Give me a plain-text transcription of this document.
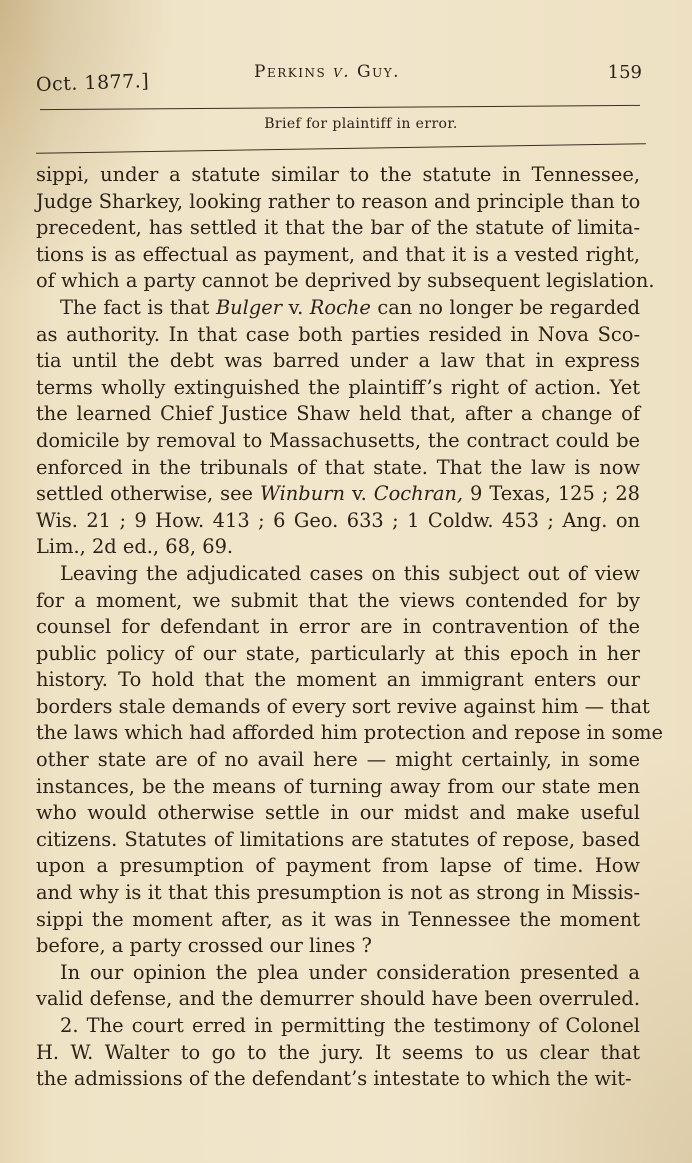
Oct. 1877.]	Perkins v. Guy.	159
Brief for plaintiff in error.
sippi, under a statute similar to the statute in Tennessee,
Judge Sharkey, looking rather to reason and principle than to
precedent, has settled it that the bar of the statute of limita-
tions is as effectual as payment, and that it is a vested right,
of which a party cannot be deprived by subsequent legislation.
The fact is that Bulger v. Roche can no longer be regarded
as authority. In that case both parties resided in Nova Sco-
tia until the debt was barred under a law that in express
terms wholly extinguished the plaintiff’s right of action. Yet
the learned Chief Justice Shaw held that, after a change of
domicile by removal to Massachusetts, the contract could be
enforced in the tribunals of that state. That the law is now
settled otherwise, see Winburn v. Cochran, 9 Texas, 125 ; 28
Wis. 21 ; 9 How. 413 ; 6 Geo. 633 ; 1 Coldw. 453 ; Ang. on
Lim., 2d ed., 68, 69.
Leaving the adjudicated cases on this subject out of view
for a moment, we submit that the views contended for by
counsel for defendant in error are in contravention of the
public policy of our state, particularly at this epoch in her
history. To hold that the moment an immigrant enters our
borders stale demands of every sort revive against him — that
the laws which had afforded him protection and repose in some
other state are of no avail here — might certainly, in some
instances, be the means of turning away from our state men
who would otherwise settle in our midst and make useful
citizens. Statutes of limitations are statutes of repose, based
upon a presumption of payment from lapse of time. How
and why is it that this presumption is not as strong in Missis-
sippi the moment after, as it was in Tennessee the moment
before, a party crossed our lines ?
In our opinion the plea under consideration presented a
valid defense, and the demurrer should have been overruled.
2. The court erred in permitting the testimony of Colonel
H. W. Walter to go to the jury. It seems to us clear that
the admissions of the defendant’s intestate to which the wit-
